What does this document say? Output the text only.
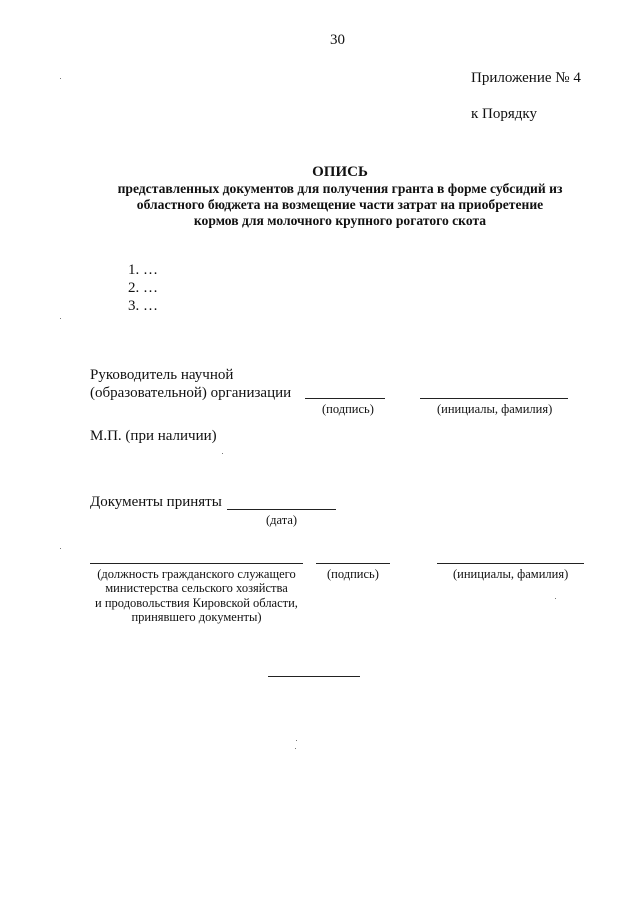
30
Приложение № 4
к Порядку
ОПИСЬ
представленных документов для получения гранта в форме субсидий из
областного бюджета на возмещение части затрат на приобретение
кормов для молочного крупного рогатого скота
1. …
2. …
3. …
Руководитель научной
(образовательной) организации
(подпись)	(инициалы, фамилия)
М.П. (при наличии)
Документы приняты
(дата)
(должность гражданского служащего
министерства сельского хозяйства
и продовольствия Кировской области,
принявшего документы)
(подпись)	(инициалы, фамилия)
